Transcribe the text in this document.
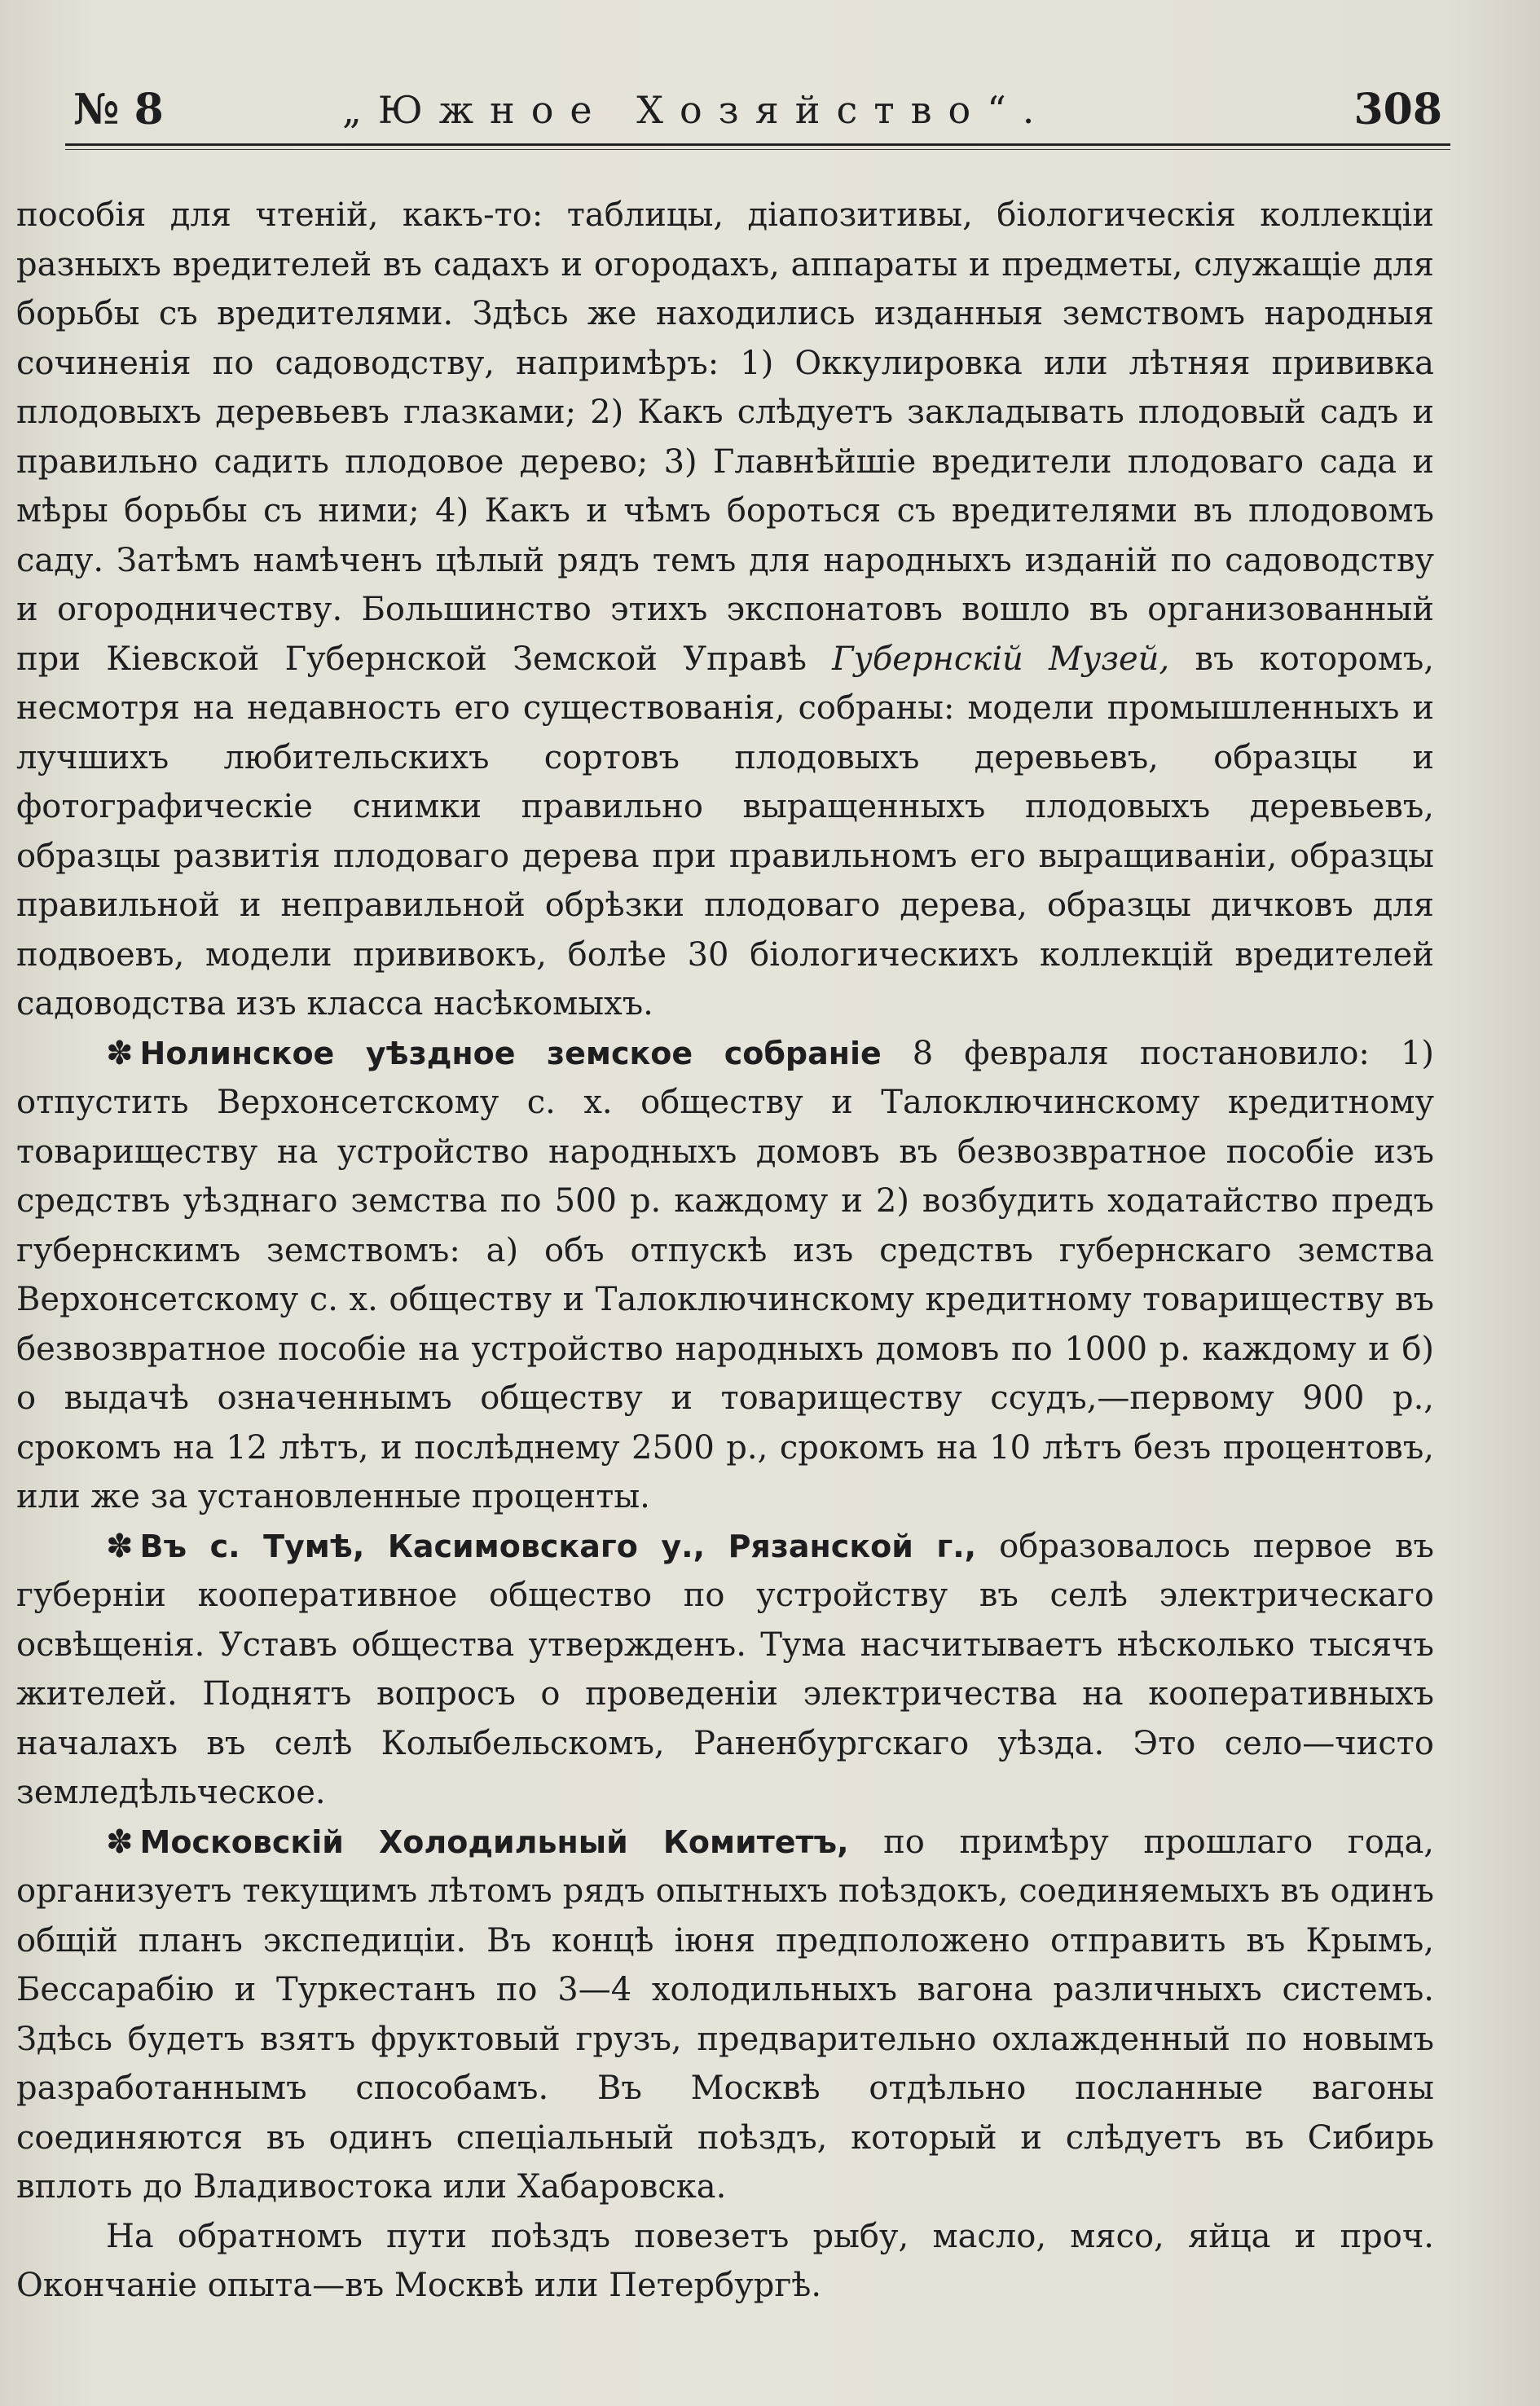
№ 8	„Южное Хозяйство“.	308

пособія для чтеній, какъ-то: таблицы, діапозитивы, біологическія коллекціи разныхъ вредителей въ садахъ и огородахъ, аппараты и предметы, служащіе для борьбы съ вредителями. Здѣсь же находились изданныя земствомъ народныя сочиненія по садоводству, напримѣръ: 1) Оккулировка или лѣтняя прививка плодовыхъ деревьевъ глазками; 2) Какъ слѣдуетъ закладывать плодовый садъ и правильно садить плодовое дерево; 3) Главнѣйшіе вредители плодоваго сада и мѣры борьбы съ ними; 4) Какъ и чѣмъ бороться съ вредителями въ плодовомъ саду. Затѣмъ намѣченъ цѣлый рядъ темъ для народныхъ изданій по садоводству и огородничеству. Большинство этихъ экспонатовъ вошло въ организованный при Кіевской Губернской Земской Управѣ Губернскій Музей, въ которомъ, несмотря на недавность его существованія, собраны: модели промышленныхъ и лучшихъ любительскихъ сортовъ плодовыхъ деревьевъ, образцы и фотографическіе снимки правильно выращенныхъ плодовыхъ деревьевъ, образцы развитія плодоваго дерева при правильномъ его выращиваніи, образцы правильной и неправильной обрѣзки плодоваго дерева, образцы дичковъ для подвоевъ, модели прививокъ, болѣе 30 біологическихъ коллекцій вредителей садоводства изъ класса насѣкомыхъ.

✽ Нолинское уѣздное земское собраніе 8 февраля постановило: 1) отпустить Верхонсетскому с. х. обществу и Талоключинскому кредитному товариществу на устройство народныхъ домовъ въ безвозвратное пособіе изъ средствъ уѣзднаго земства по 500 р. каждому и 2) возбудить ходатайство предъ губернскимъ земствомъ: а) объ отпускѣ изъ средствъ губернскаго земства Верхонсетскому с. х. обществу и Талоключинскому кредитному товариществу въ безвозвратное пособіе на устройство народныхъ домовъ по 1000 р. каждому и б) о выдачѣ означеннымъ обществу и товариществу ссудъ,—первому 900 р., срокомъ на 12 лѣтъ, и послѣднему 2500 р., срокомъ на 10 лѣтъ безъ процентовъ, или же за установленные проценты.

✽ Въ с. Тумѣ, Касимовскаго у., Рязанской г., образовалось первое въ губерніи кооперативное общество по устройству въ селѣ электрическаго освѣщенія. Уставъ общества утвержденъ. Тума насчитываетъ нѣсколько тысячъ жителей. Поднятъ вопросъ о проведеніи электричества на кооперативныхъ началахъ въ селѣ Колыбельскомъ, Раненбургскаго уѣзда. Это село—чисто земледѣльческое.

✽ Московскій Холодильный Комитетъ, по примѣру прошлаго года, организуетъ текущимъ лѣтомъ рядъ опытныхъ поѣздокъ, соединяемыхъ въ одинъ общій планъ экспедиціи. Въ концѣ іюня предположено отправить въ Крымъ, Бессарабію и Туркестанъ по 3—4 холодильныхъ вагона различныхъ системъ. Здѣсь будетъ взятъ фруктовый грузъ, предварительно охлажденный по новымъ разработаннымъ способамъ. Въ Москвѣ отдѣльно посланные вагоны соединяются въ одинъ спеціальный поѣздъ, который и слѣдуетъ въ Сибирь вплоть до Владивостока или Хабаровска.

На обратномъ пути поѣздъ повезетъ рыбу, масло, мясо, яйца и проч. Окончаніе опыта—въ Москвѣ или Петербургѣ.
